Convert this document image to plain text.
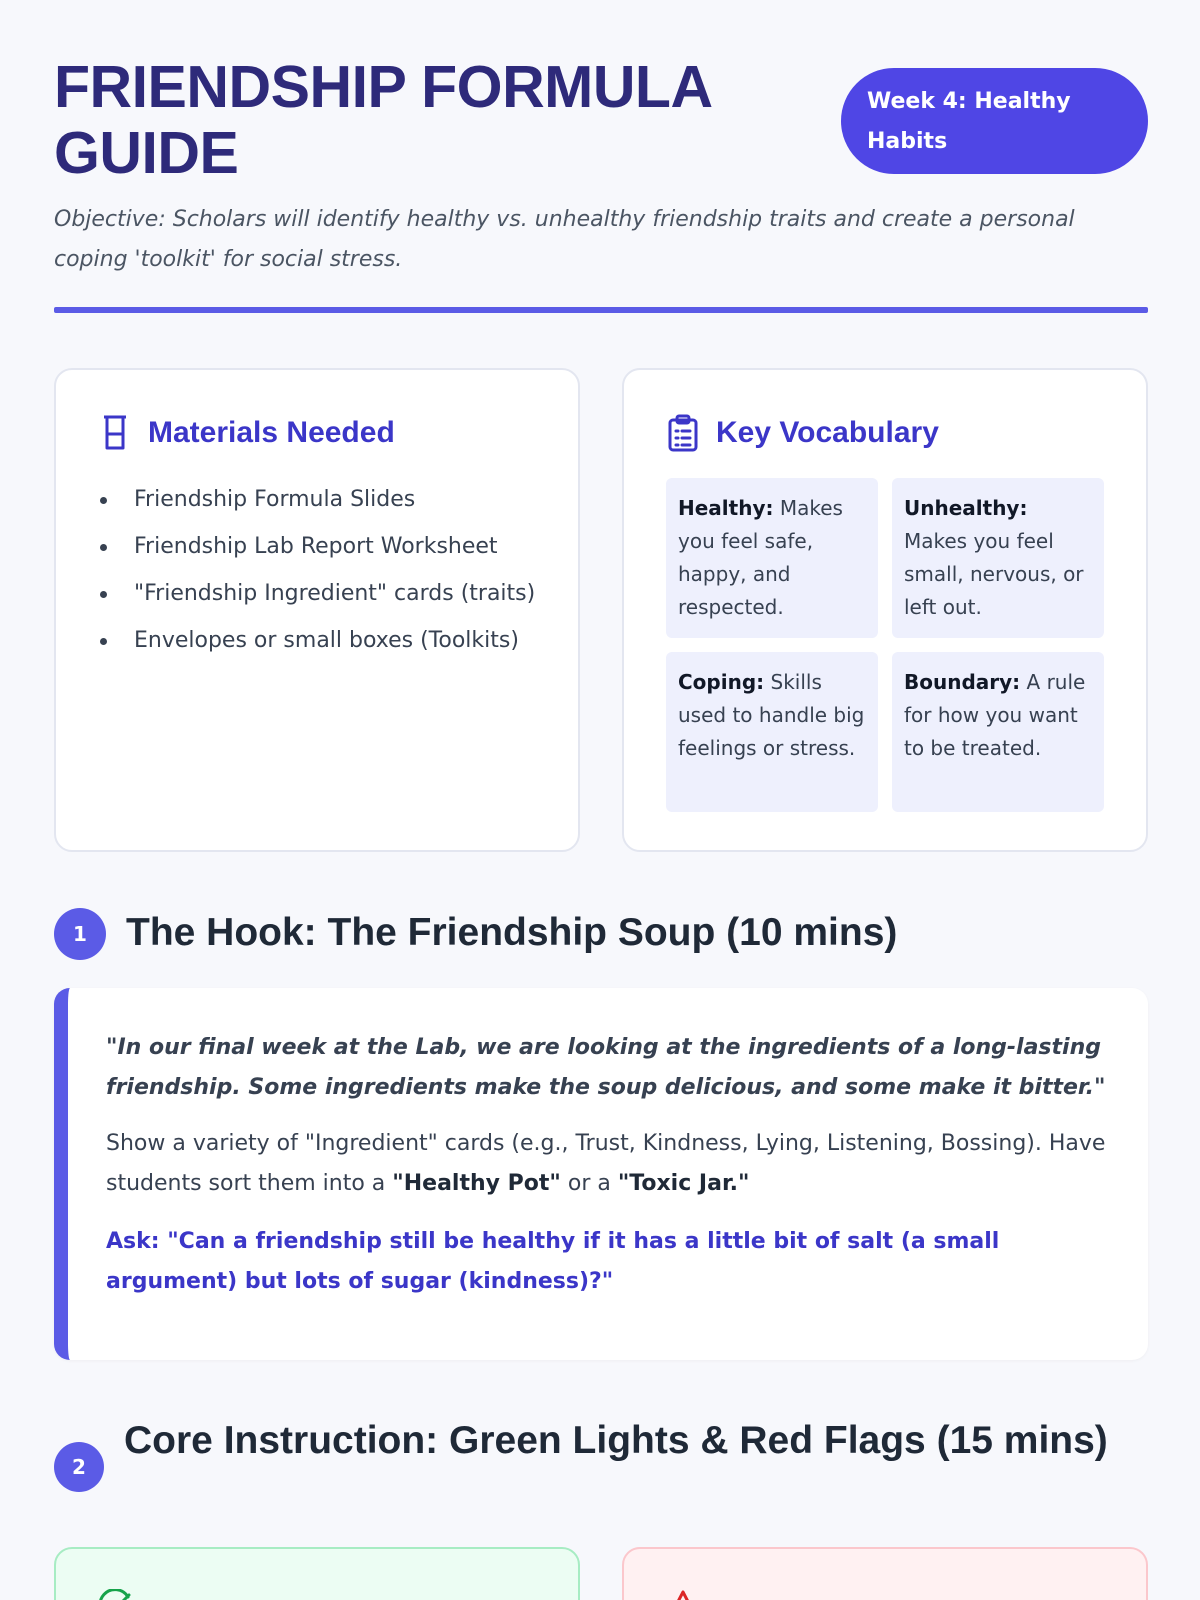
FRIENDSHIP FORMULA GUIDE
Week 4: Healthy Habits

Objective: Scholars will identify healthy vs. unhealthy friendship traits and create a personal coping 'toolkit' for social stress.

Materials Needed
Friendship Formula Slides
Friendship Lab Report Worksheet
"Friendship Ingredient" cards (traits)
Envelopes or small boxes (Toolkits)
Key Vocabulary
Healthy: Makes you feel safe, happy, and respected.
Unhealthy: Makes you feel small, nervous, or left out.
Coping: Skills used to handle big feelings or stress.
Boundary: A rule for how you want to be treated.
1	The Hook: The Friendship Soup (10 mins)

"In our final week at the Lab, we are looking at the ingredients of a long-lasting friendship. Some ingredients make the soup delicious, and some make it bitter."

Show a variety of "Ingredient" cards (e.g., Trust, Kindness, Lying, Listening, Bossing). Have students sort them into a "Healthy Pot" or a "Toxic Jar."

Ask: "Can a friendship still be healthy if it has a little bit of salt (a small argument) but lots of sugar (kindness)?"

2
Core Instruction: Green Lights & Red Flags (15 mins)
